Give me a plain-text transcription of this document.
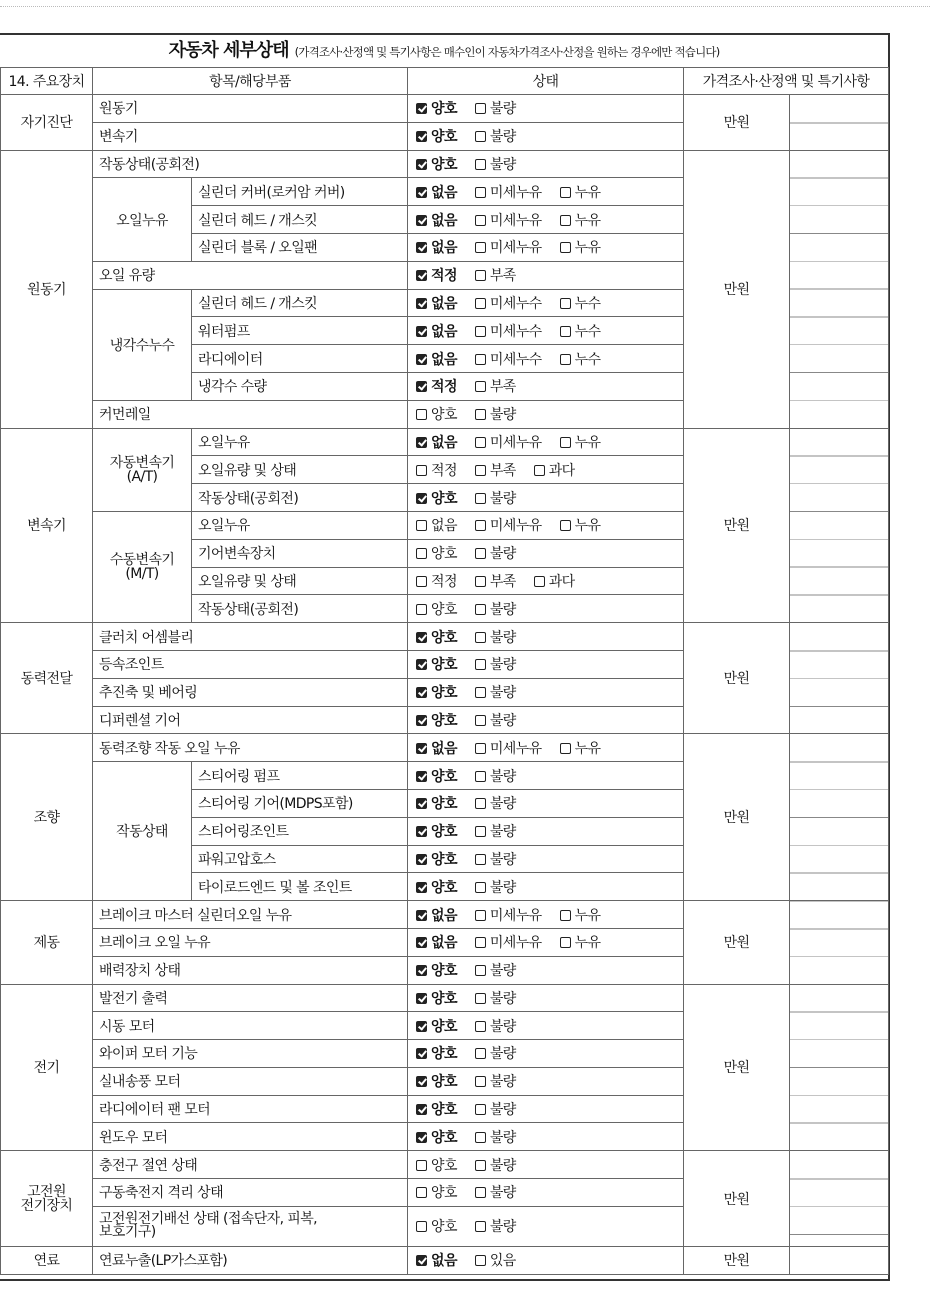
자동차 세부상태 (가격조사·산정액 및 특기사항은 매수인이 자동차가격조사·산정을 원하는 경우에만 적습니다)
14. 주요장치	항목/해당부품		상태	가격조사·산정액 및 특기사항	
자기진단	원동기		양호 불량	만원	
	변속기		양호 불량		
원동기	작동상태(공회전)		양호 불량	만원	
	오일누유	실린더 커버(로커암 커버)	없음 미세누유 누유		
		실린더 헤드 / 개스킷	없음 미세누유 누유		
		실린더 블록 / 오일팬	없음 미세누유 누유		
	오일 유량		적정 부족		
	냉각수누수	실린더 헤드 / 개스킷	없음 미세누수 누수		
		워터펌프	없음 미세누수 누수		
		라디에이터	없음 미세누수 누수		
		냉각수 수량	적정 부족		
	커먼레일		양호 불량		
변속기	자동변속기 (A/T)	오일누유	없음 미세누유 누유	만원	
		오일유량 및 상태	적정 부족 과다		
		작동상태(공회전)	양호 불량		
	수동변속기 (M/T)	오일누유	없음 미세누유 누유		
		기어변속장치	양호 불량		
		오일유량 및 상태	적정 부족 과다		
		작동상태(공회전)	양호 불량		
동력전달	클러치 어셈블리		양호 불량	만원	
	등속조인트		양호 불량		
	추진축 및 베어링		양호 불량		
	디퍼렌셜 기어		양호 불량		
조향	동력조향 작동 오일 누유		없음 미세누유 누유	만원	
	작동상태	스티어링 펌프	양호 불량		
		스티어링 기어(MDPS포함)	양호 불량		
		스티어링조인트	양호 불량		
		파워고압호스	양호 불량		
		타이로드엔드 및 볼 조인트	양호 불량		
제동	브레이크 마스터 실린더오일 누유		없음 미세누유 누유	만원	
	브레이크 오일 누유		없음 미세누유 누유		
	배력장치 상태		양호 불량		
전기	발전기 출력		양호 불량	만원	
	시동 모터		양호 불량		
	와이퍼 모터 기능		양호 불량		
	실내송풍 모터		양호 불량		
	라디에이터 팬 모터		양호 불량		
	윈도우 모터		양호 불량		
고전원 전기장치	충전구 절연 상태		양호 불량	만원	
	구동축전지 격리 상태		양호 불량		
	고전원전기배선 상태 (접속단자, 피복, 보호기구)		양호 불량		
연료	연료누출(LP가스포함)		없음 있음	만원	
